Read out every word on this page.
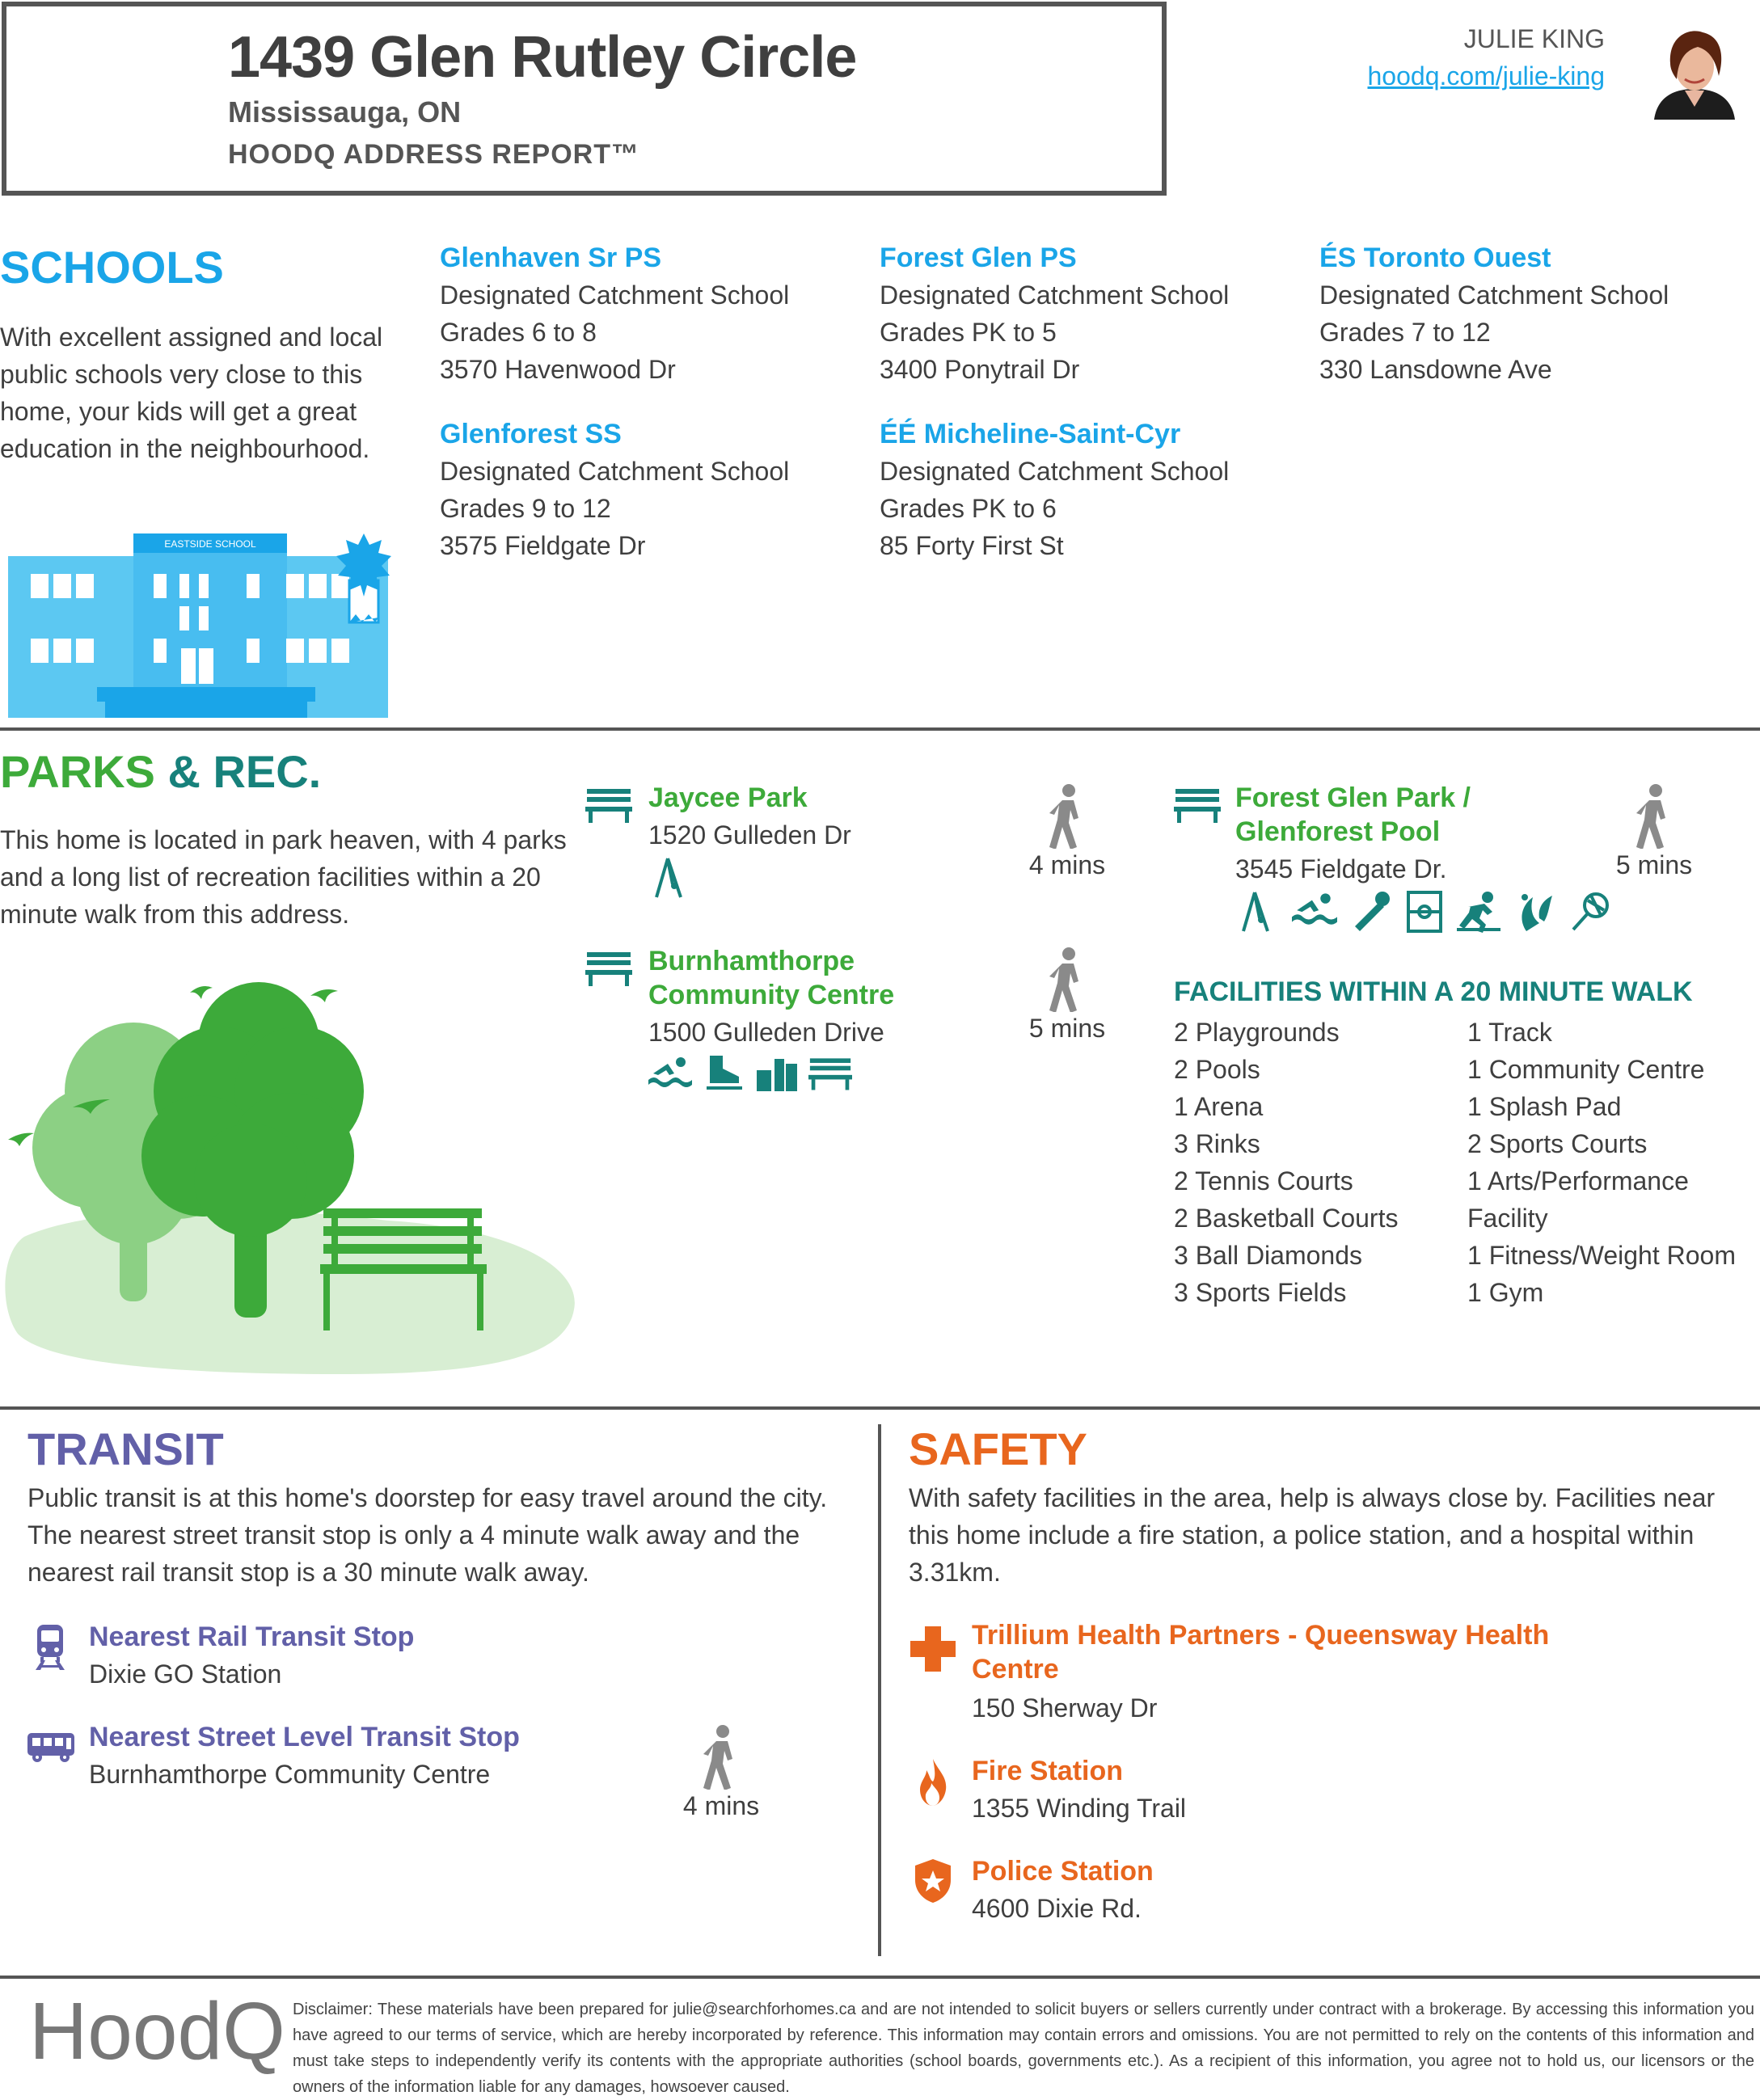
1439 Glen Rutley Circle
Mississauga, ON
HOODQ ADDRESS REPORT™
JULIE KING
hoodq.com/julie-king
SCHOOLS
With excellent assigned and local public schools very close to this home, your kids will get a great education in the neighbourhood.
EASTSIDE SCHOOL
Glenhaven Sr PS
Designated Catchment School
Grades 6 to 8
3570 Havenwood Dr
Forest Glen PS
Designated Catchment School
Grades PK to 5
3400 Ponytrail Dr
ÉS Toronto Ouest
Designated Catchment School
Grades 7 to 12
330 Lansdowne Ave
Glenforest SS
Designated Catchment School
Grades 9 to 12
3575 Fieldgate Dr
ÉÉ Micheline-Saint-Cyr
Designated Catchment School
Grades PK to 6
85 Forty First St
PARKS & REC.
This home is located in park heaven, with 4 parks and a long list of recreation facilities within a 20 minute walk from this address.
Jaycee Park
1520 Gulleden Dr
4 mins
Burnhamthorpe
Community Centre
1500 Gulleden Drive	5 mins
Forest Glen Park /
Glenforest Pool
3545 Fieldgate Dr.	5 mins
FACILITIES WITHIN A 20 MINUTE WALK
2 Playgrounds
2 Pools
1 Arena
3 Rinks
2 Tennis Courts
2 Basketball Courts
3 Ball Diamonds
3 Sports Fields
1 Track
1 Community Centre
1 Splash Pad
2 Sports Courts
1 Arts/Performance
Facility
1 Fitness/Weight Room
1 Gym
TRANSIT
Public transit is at this home's doorstep for easy travel around the city. The nearest street transit stop is only a 4 minute walk away and the nearest rail transit stop is a 30 minute walk away.
Nearest Rail Transit Stop
Dixie GO Station
Nearest Street Level Transit Stop
Burnhamthorpe Community Centre
4 mins
SAFETY
With safety facilities in the area, help is always close by. Facilities near this home include a fire station, a police station, and a hospital within 3.31km.
Trillium Health Partners - Queensway Health
Centre
150 Sherway Dr
Fire Station
1355 Winding Trail
Police Station
4600 Dixie Rd.
HoodQ Disclaimer: These materials have been prepared for julie@searchforhomes.ca and are not intended to solicit buyers or sellers currently under contract with a brokerage. By accessing this information you have agreed to our terms of service, which are hereby incorporated by reference. This information may contain errors and omissions. You are not permitted to rely on the contents of this information and must take steps to independently verify its contents with the appropriate authorities (school boards, governments etc.). As a recipient of this information, you agree not to hold us, our licensors or the owners of the information liable for any damages, howsoever caused.
